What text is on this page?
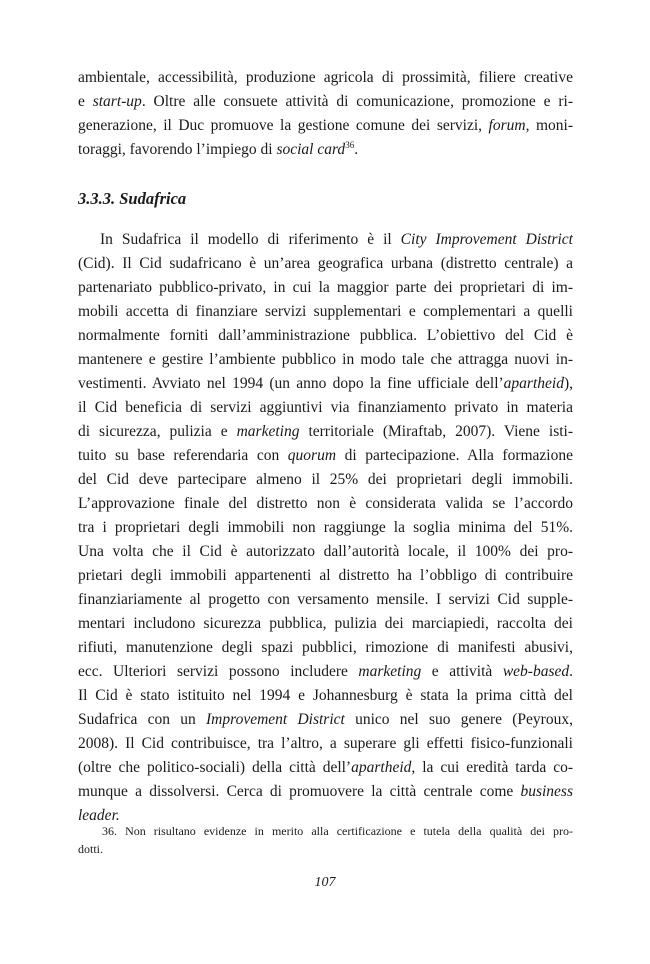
ambientale, accessibilità, produzione agricola di prossimità, filiere creative
e start-up. Oltre alle consuete attività di comunicazione, promozione e ri-
generazione, il Duc promuove la gestione comune dei servizi, forum, moni-
toraggi, favorendo l’impiego di social card$^{36}$.
3.3.3. Sudafrica
In Sudafrica il modello di riferimento è il City Improvement District
(Cid). Il Cid sudafricano è un’area geografica urbana (distretto centrale) a
partenariato pubblico-privato, in cui la maggior parte dei proprietari di im-
mobili accetta di finanziare servizi supplementari e complementari a quelli
normalmente forniti dall’amministrazione pubblica. L’obiettivo del Cid è
mantenere e gestire l’ambiente pubblico in modo tale che attragga nuovi in-
vestimenti. Avviato nel 1994 (un anno dopo la fine ufficiale dell’apartheid),
il Cid beneficia di servizi aggiuntivi via finanziamento privato in materia
di sicurezza, pulizia e marketing territoriale (Miraftab, 2007). Viene isti-
tuito su base referendaria con quorum di partecipazione. Alla formazione
del Cid deve partecipare almeno il 25% dei proprietari degli immobili.
L’approvazione finale del distretto non è considerata valida se l’accordo
tra i proprietari degli immobili non raggiunge la soglia minima del 51%.
Una volta che il Cid è autorizzato dall’autorità locale, il 100% dei pro-
prietari degli immobili appartenenti al distretto ha l’obbligo di contribuire
finanziariamente al progetto con versamento mensile. I servizi Cid supple-
mentari includono sicurezza pubblica, pulizia dei marciapiedi, raccolta dei
rifiuti, manutenzione degli spazi pubblici, rimozione di manifesti abusivi,
ecc. Ulteriori servizi possono includere marketing e attività web-based.
Il Cid è stato istituito nel 1994 e Johannesburg è stata la prima città del
Sudafrica con un Improvement District unico nel suo genere (Peyroux,
2008). Il Cid contribuisce, tra l’altro, a superare gli effetti fisico-funzionali
(oltre che politico-sociali) della città dell’apartheid, la cui eredità tarda co-
munque a dissolversi. Cerca di promuovere la città centrale come business
leader.
36. Non risultano evidenze in merito alla certificazione e tutela della qualità dei pro-
dotti.
107
